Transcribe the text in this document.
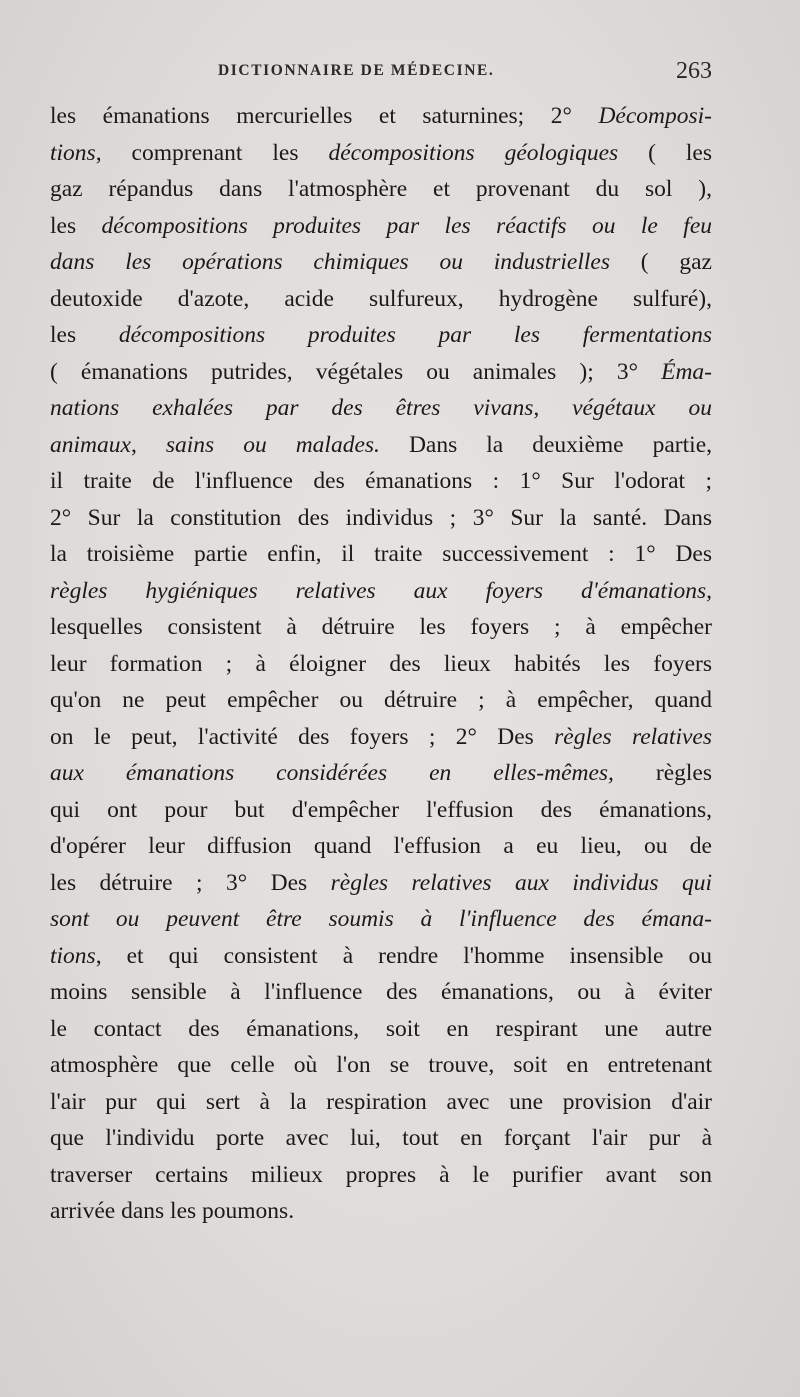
DICTIONNAIRE DE MÉDECINE.	263
les émanations mercurielles et saturnines; 2° Décomposi-
tions, comprenant les décompositions géologiques ( les
gaz répandus dans l'atmosphère et provenant du sol ),
les décompositions produites par les réactifs ou le feu
dans les opérations chimiques ou industrielles ( gaz
deutoxide d'azote, acide sulfureux, hydrogène sulfuré),
les décompositions produites par les fermentations
( émanations putrides, végétales ou animales ); 3° Éma-
nations exhalées par des êtres vivans, végétaux ou
animaux, sains ou malades. Dans la deuxième partie,
il traite de l'influence des émanations : 1° Sur l'odorat ;
2° Sur la constitution des individus ; 3° Sur la santé. Dans
la troisième partie enfin, il traite successivement : 1° Des
règles hygiéniques relatives aux foyers d'émanations,
lesquelles consistent à détruire les foyers ; à empêcher
leur formation ; à éloigner des lieux habités les foyers
qu'on ne peut empêcher ou détruire ; à empêcher, quand
on le peut, l'activité des foyers ; 2° Des règles relatives
aux émanations considérées en elles-mêmes, règles
qui ont pour but d'empêcher l'effusion des émanations,
d'opérer leur diffusion quand l'effusion a eu lieu, ou de
les détruire ; 3° Des règles relatives aux individus qui
sont ou peuvent être soumis à l'influence des émana-
tions, et qui consistent à rendre l'homme insensible ou
moins sensible à l'influence des émanations, ou à éviter
le contact des émanations, soit en respirant une autre
atmosphère que celle où l'on se trouve, soit en entretenant
l'air pur qui sert à la respiration avec une provision d'air
que l'individu porte avec lui, tout en forçant l'air pur à
traverser certains milieux propres à le purifier avant son
arrivée dans les poumons.
